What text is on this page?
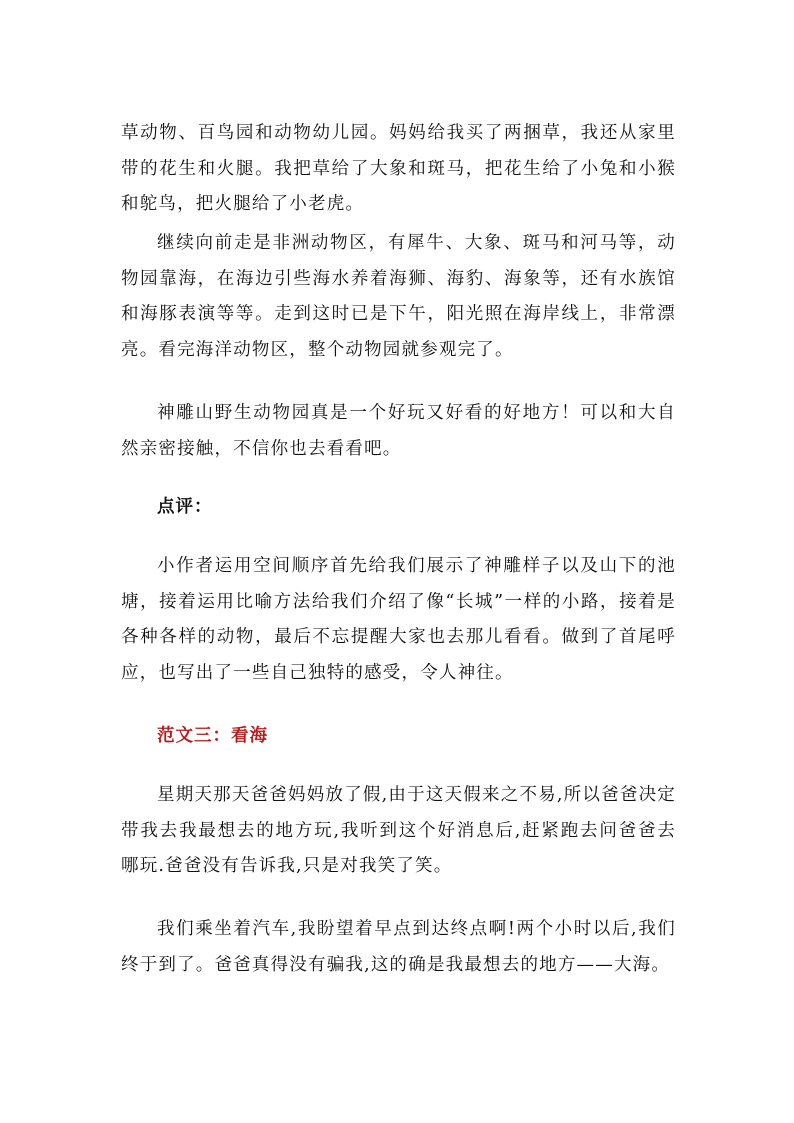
草动物、百鸟园和动物幼儿园。妈妈给我买了两捆草，我还从家里带的花生和火腿。我把草给了大象和斑马，把花生给了小兔和小猴和鸵鸟，把火腿给了小老虎。

继续向前走是非洲动物区，有犀牛、大象、斑马和河马等，动物园靠海，在海边引些海水养着海狮、海豹、海象等，还有水族馆和海豚表演等等。走到这时已是下午，阳光照在海岸线上，非常漂亮。看完海洋动物区，整个动物园就参观完了。

神雕山野生动物园真是一个好玩又好看的好地方！可以和大自然亲密接触，不信你也去看看吧。

点评：

小作者运用空间顺序首先给我们展示了神雕样子以及山下的池塘，接着运用比喻方法给我们介绍了像“长城”一样的小路，接着是各种各样的动物，最后不忘提醒大家也去那儿看看。做到了首尾呼应，也写出了一些自己独特的感受，令人神往。

范文三：看海

星期天那天爸爸妈妈放了假,由于这天假来之不易,所以爸爸决定带我去我最想去的地方玩,我听到这个好消息后,赶紧跑去问爸爸去哪玩.爸爸没有告诉我,只是对我笑了笑。

我们乘坐着汽车,我盼望着早点到达终点啊!两个小时以后,我们终于到了。爸爸真得没有骗我,这的确是我最想去的地方——大海。
